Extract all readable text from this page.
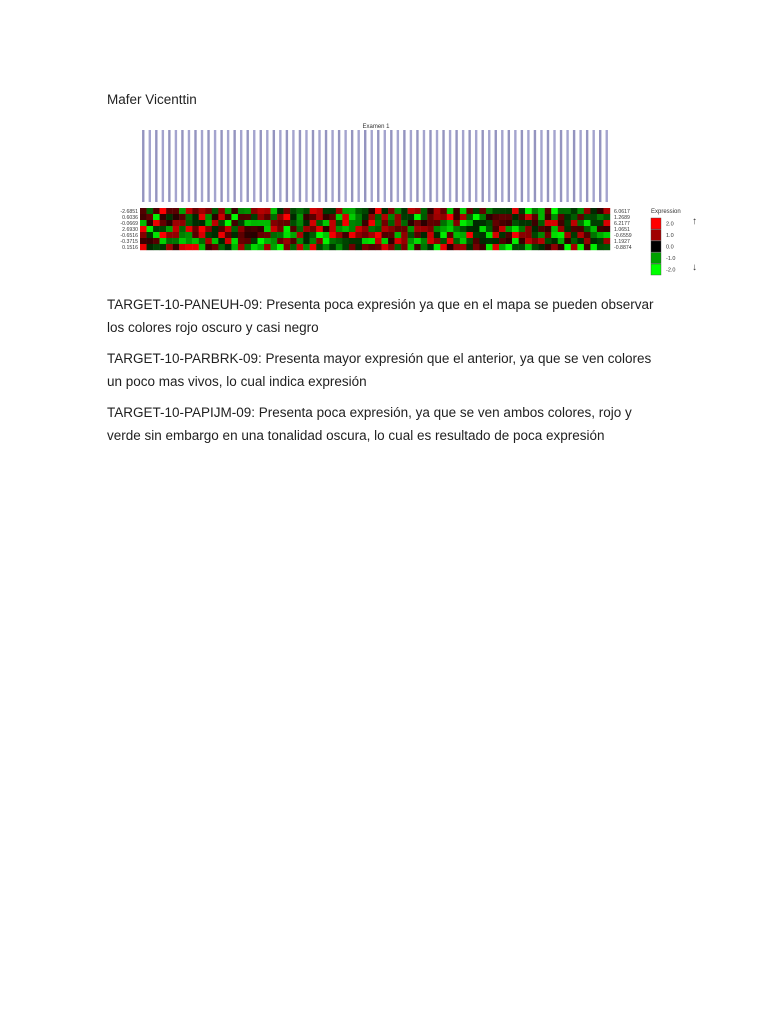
Mafer Vicenttin
Examen 1
-2.6851
0.6036
-0.0669
2.6930
-0.6516
-0.3715
0.1516
6.0617
1.2689
6.2177
1.0651
-0.6559
1.1927
-0.8874
Expression
↑
↓
2.0
1.0
0.0
-1.0
-2.0

TARGET-10-PANEUH-09: Presenta poca expresión ya que en el mapa se pueden observar los colores rojo oscuro y casi negro

TARGET-10-PARBRK-09: Presenta mayor expresión que el anterior, ya que se ven colores un poco mas vivos, lo cual indica expresión

TARGET-10-PAPIJM-09: Presenta poca expresión, ya que se ven ambos colores, rojo y verde sin embargo en una tonalidad oscura, lo cual es resultado de poca expresión
